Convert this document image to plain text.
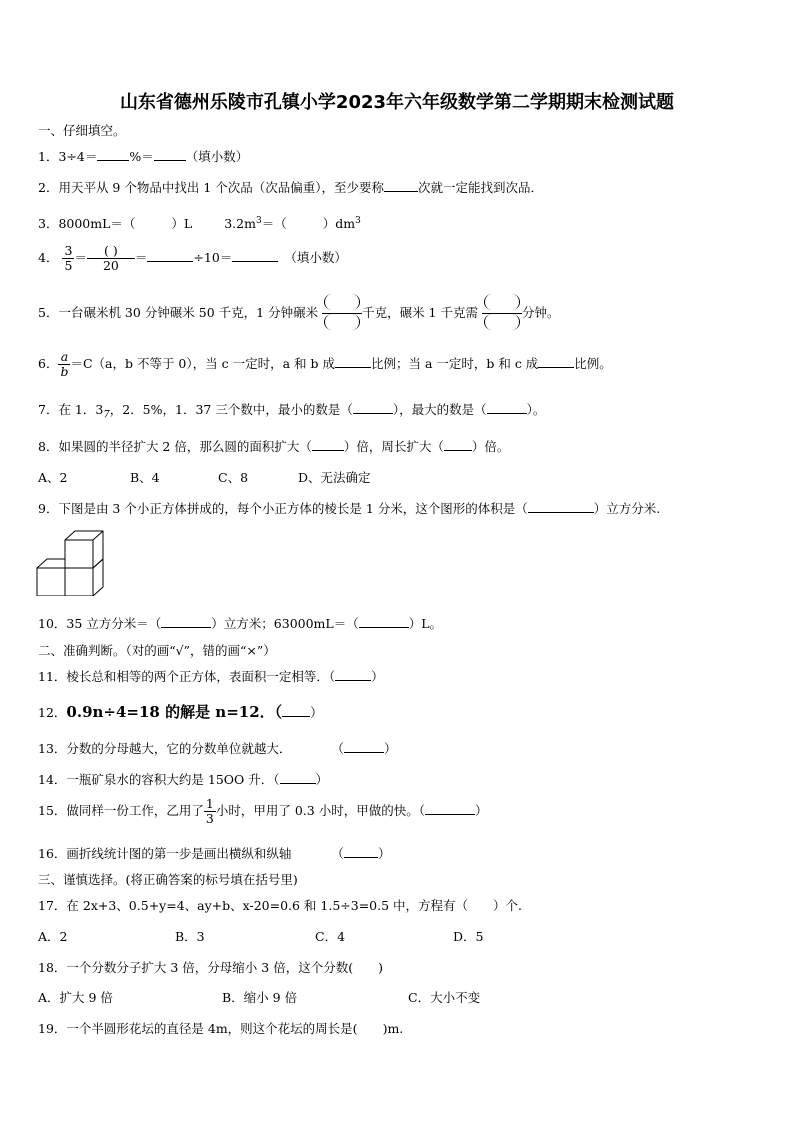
山东省德州乐陵市孔镇小学2023年六年级数学第二学期期末检测试题
一、仔细填空。
1．3÷4＝	%＝	（填小数）
2．用天平从 9 个物品中找出 1 个次品（次品偏重），至少要称	次就一定能找到次品．
3．8000mL＝（	）L	$3.2m^3=$（	）$dm^3$
4． $\frac{3}{5} = \frac{( )}{20}$ ＝	÷10＝	（填小数）
5．一台碾米机 30 分钟碾米 50 千克，1 分钟碾米	千克，碾米 1 千克需	分钟。
6． $\frac{a}{b} =C(a$，b 不等于 0），当 c 一定时，a 和 b 成	比例；当 a 一定时，b 和 c 成	比例。
7．在 1．$3_7$，2．5%，1．37 三个数中，最小的数是（	），最大的数是（	）。
8．如果圆的半径扩大 2 倍，那么圆的面积扩大（	）倍，周长扩大（ ）倍。
A、2	B、4	C、8	D、无法确定
9．下图是由 3 个小正方体拼成的，每个小正方体的棱长是 1 分米，这个图形的体积是（	）立方分米.
10．35 立方分米＝（	）立方米；63000mL＝（	）L。
二、准确判断。（对的画“√”，错的画“×”）
11．棱长总和相等的两个正方体，表面积一定相等．（	）
12．0.9n÷4=18 的解是 n=12．（ ）
13．分数的分母越大，它的分数单位就越大．	（	）
14．一瓶矿泉水的容积大约是 15OO 升．（	）
15．做同样一份工作，乙用了 $\frac{1}{3}$ 小时，甲用了 0.3 小时，甲做的快。（	）
16．画折线统计图的第一步是画出横纵和纵轴	（	）
三、谨慎选择。(将正确答案的标号填在括号里)
17．在 2x+3、0.5+y=4、ay+b、x-20=0.6 和 1.5÷3=0.5 中，方程有（　　）个.
A．2	B．3	C．4	D．5
18．一个分数分子扩大 3 倍，分母缩小 3 倍，这个分数(　　)
A．扩大 9 倍	B．缩小 9 倍	C．大小不变
19．一个半圆形花坛的直径是 4m，则这个花坛的周长是(　　)m.
